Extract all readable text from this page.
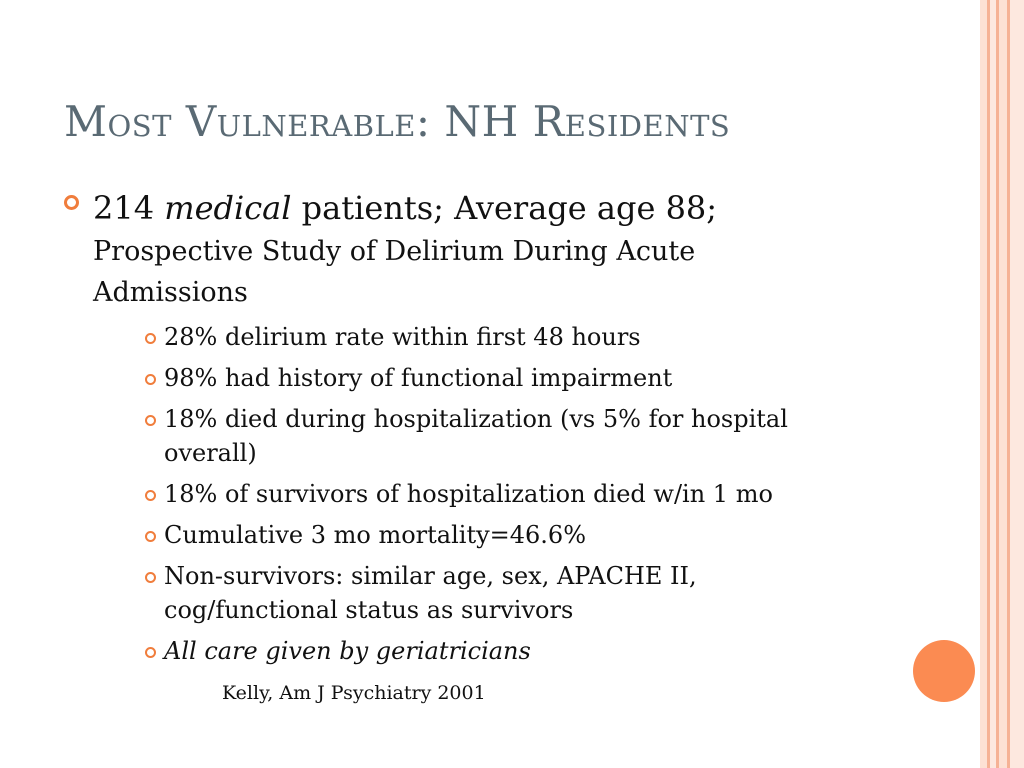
Most Vulnerable: NH Residents
214 medical patients; Average age 88;
Prospective Study of Delirium During Acute
Admissions
28% delirium rate within first 48 hours
98% had history of functional impairment
18% died during hospitalization (vs 5% for hospital
overall)
18% of survivors of hospitalization died w/in 1 mo
Cumulative 3 mo mortality=46.6%
Non-survivors: similar age, sex, APACHE II,
cog/functional status as survivors
All care given by geriatricians
Kelly, Am J Psychiatry 2001
